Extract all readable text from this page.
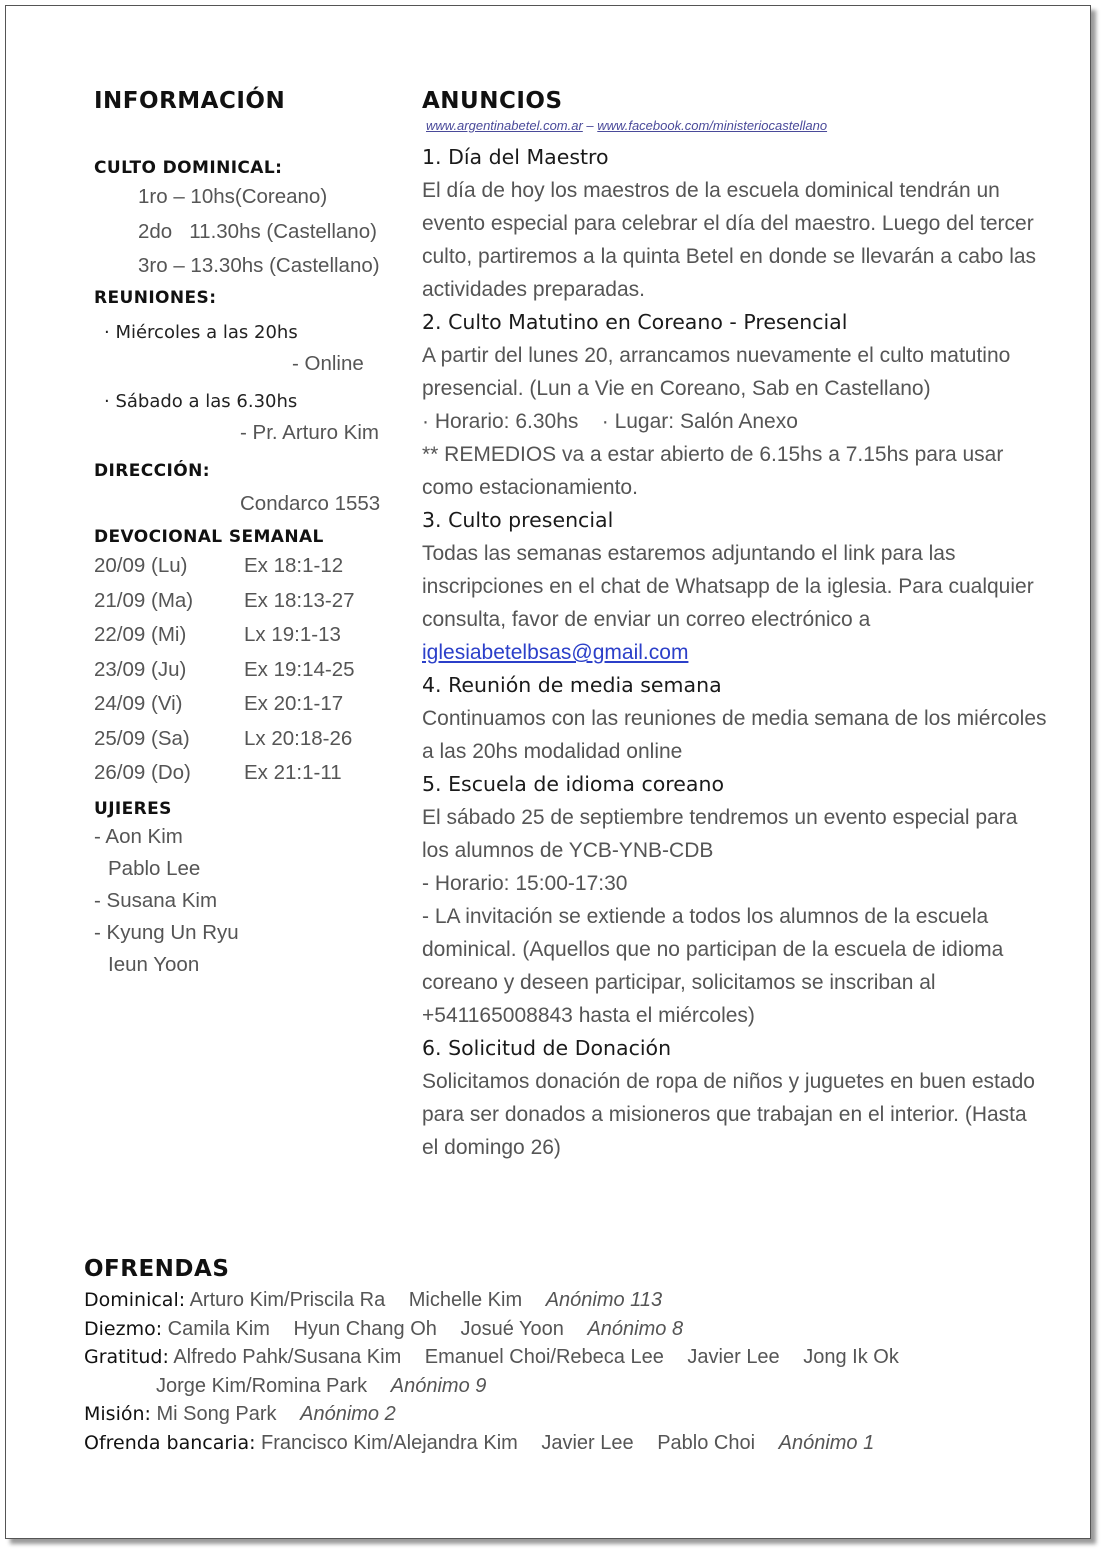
INFORMACIÓN
CULTO DOMINICAL:
1ro – 10hs(Coreano)
2do   11.30hs (Castellano)
3ro – 13.30hs (Castellano)
REUNIONES:
· Miércoles a las 20hs
- Online
· Sábado a las 6.30hs
- Pr. Arturo Kim
DIRECCIÓN:
Condarco 1553
DEVOCIONAL SEMANAL
20/09 (Lu)	Ex 18:1-12
21/09 (Ma)	Ex 18:13-27
22/09 (Mi)	Lx 19:1-13
23/09 (Ju)	Ex 19:14-25
24/09 (Vi)	Ex 20:1-17
25/09 (Sa)	Lx 20:18-26
26/09 (Do)	Ex 21:1-11
UJIERES
- Aon Kim
Pablo Lee
- Susana Kim
- Kyung Un Ryu
Ieun Yoon
ANUNCIOS
www.argentinabetel.com.ar – www.facebook.com/ministeriocastellano

1. Día del Maestro

El día de hoy los maestros de la escuela dominical tendrán un evento especial para celebrar el día del maestro. Luego del tercer culto, partiremos a la quinta Betel en donde se llevarán a cabo las actividades preparadas.

2. Culto Matutino en Coreano - Presencial

A partir del lunes 20, arrancamos nuevamente el culto matutino presencial. (Lun a Vie en Coreano, Sab en Castellano)

· Horario: 6.30hs    · Lugar: Salón Anexo

** REMEDIOS va a estar abierto de 6.15hs a 7.15hs para usar como estacionamiento.

3. Culto presencial

Todas las semanas estaremos adjuntando el link para las inscripciones en el chat de Whatsapp de la iglesia. Para cualquier consulta, favor de enviar un correo electrónico a

iglesiabetelbsas@gmail.com

4. Reunión de media semana

Continuamos con las reuniones de media semana de los miércoles a las 20hs modalidad online

5. Escuela de idioma coreano

El sábado 25 de septiembre tendremos un evento especial para los alumnos de YCB-YNB-CDB

- Horario: 15:00-17:30

- LA invitación se extiende a todos los alumnos de la escuela dominical. (Aquellos que no participan de la escuela de idioma coreano y deseen participar, solicitamos se inscriban al +541165008843 hasta el miércoles)

6. Solicitud de Donación

Solicitamos donación de ropa de niños y juguetes en buen estado para ser donados a misioneros que trabajan en el interior. (Hasta el domingo 26)

OFRENDAS
Dominical: Arturo Kim/Priscila Ra Michelle Kim Anónimo 113
Diezmo: Camila Kim Hyun Chang Oh Josué Yoon Anónimo 8
Gratitud: Alfredo Pahk/Susana Kim Emanuel Choi/Rebeca Lee Javier Lee Jong Ik Ok
Jorge Kim/Romina Park Anónimo 9
Misión: Mi Song Park Anónimo 2
Ofrenda bancaria: Francisco Kim/Alejandra Kim Javier Lee Pablo Choi Anónimo 1
